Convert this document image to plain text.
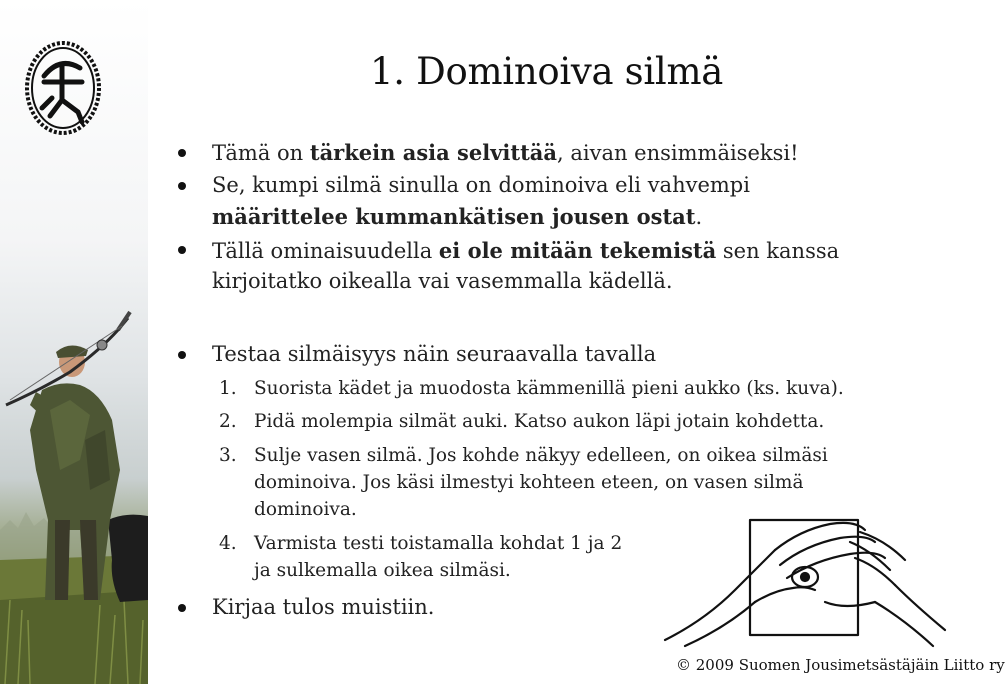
1. Dominoiva silmä
Tämä on tärkein asia selvittää, aivan ensimmäiseksi!
Se, kumpi silmä sinulla on dominoiva eli vahvempi
määrittelee kummankätisen jousen ostat.
Tällä ominaisuudella ei ole mitään tekemistä sen kanssa
kirjoitatko oikealla vai vasemmalla kädellä.
Testaa silmäisyys näin seuraavalla tavalla
1. Suorista kädet ja muodosta kämmenillä pieni aukko (ks. kuva).
2. Pidä molempia silmät auki. Katso aukon läpi jotain kohdetta.
3. Sulje vasen silmä. Jos kohde näkyy edelleen, on oikea silmäsi
dominoiva. Jos käsi ilmestyi kohteen eteen, on vasen silmä
dominoiva.
4. Varmista testi toistamalla kohdat 1 ja 2
ja sulkemalla oikea silmäsi.
Kirjaa tulos muistiin.
© 2009 Suomen Jousimetsästäjäin Liitto ry
